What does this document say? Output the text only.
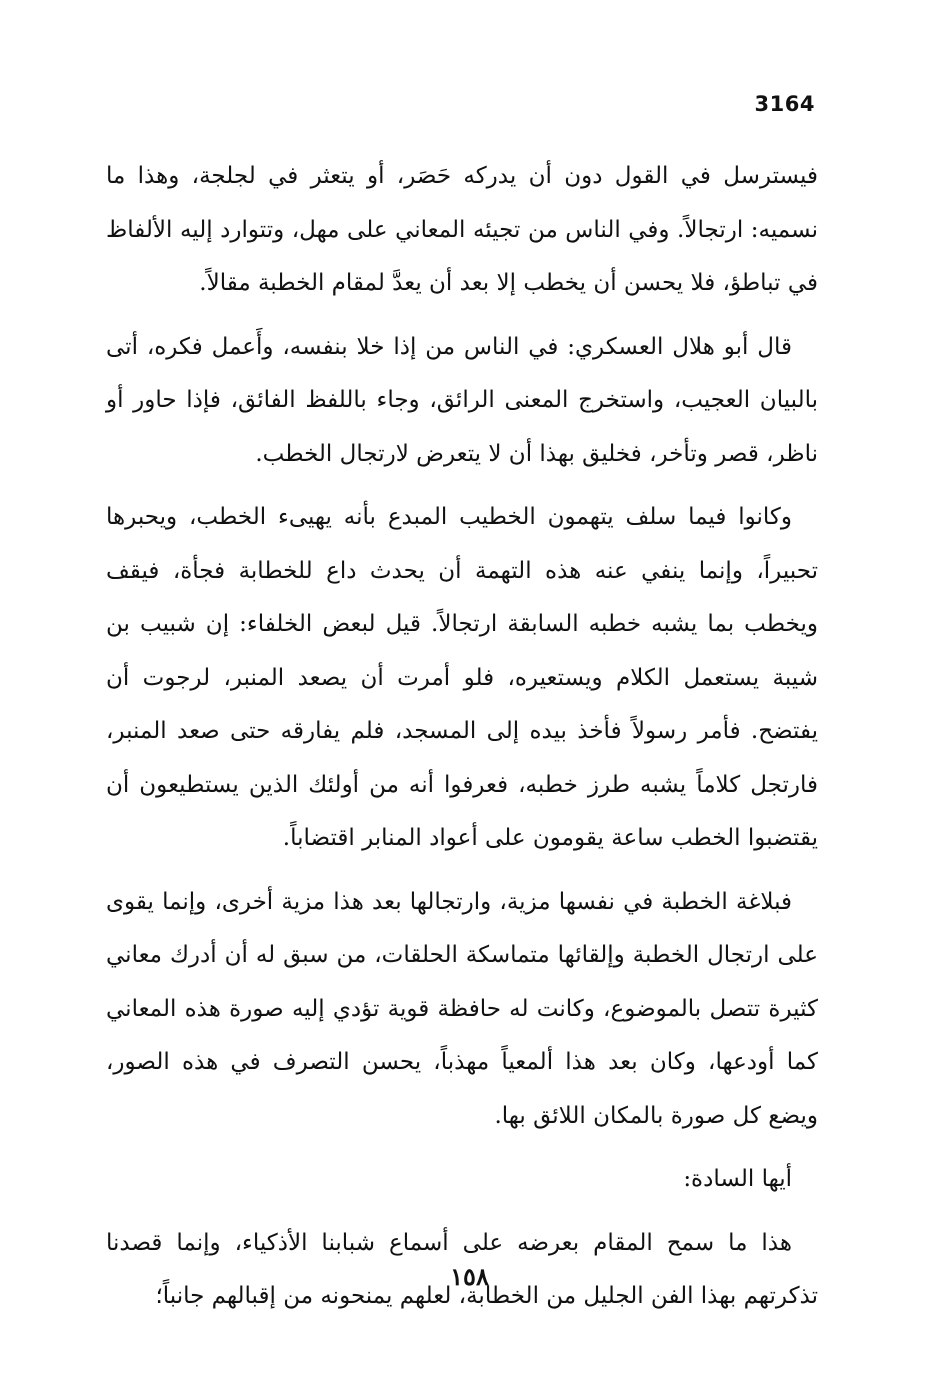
3164

فيسترسل في القول دون أن يدركه حَصَر، أو يتعثر في لجلجة، وهذا ما نسميه: ارتجالاً. وفي الناس من تجيئه المعاني على مهل، وتتوارد إليه الألفاظ في تباطؤ، فلا يحسن أن يخطب إلا بعد أن يعدَّ لمقام الخطبة مقالاً.

قال أبو هلال العسكري: في الناس من إذا خلا بنفسه، وأَعمل فكره، أتى بالبيان العجيب، واستخرج المعنى الرائق، وجاء باللفظ الفائق، فإذا حاور أو ناظر، قصر وتأخر، فخليق بهذا أن لا يتعرض لارتجال الخطب.

وكانوا فيما سلف يتهمون الخطيب المبدع بأنه يهيىء الخطب، ويحبرها تحبيراً، وإنما ينفي عنه هذه التهمة أن يحدث داع للخطابة فجأة، فيقف ويخطب بما يشبه خطبه السابقة ارتجالاً. قيل لبعض الخلفاء: إن شبيب بن شيبة يستعمل الكلام ويستعيره، فلو أمرت أن يصعد المنبر، لرجوت أن يفتضح. فأمر رسولاً فأخذ بيده إلى المسجد، فلم يفارقه حتى صعد المنبر، فارتجل كلاماً يشبه طرز خطبه، فعرفوا أنه من أولئك الذين يستطيعون أن يقتضبوا الخطب ساعة يقومون على أعواد المنابر اقتضاباً.

فبلاغة الخطبة في نفسها مزية، وارتجالها بعد هذا مزية أخرى، وإنما يقوى على ارتجال الخطبة وإلقائها متماسكة الحلقات، من سبق له أن أدرك معاني كثيرة تتصل بالموضوع، وكانت له حافظة قوية تؤدي إليه صورة هذه المعاني كما أودعها، وكان بعد هذا ألمعياً مهذباً، يحسن التصرف في هذه الصور، ويضع كل صورة بالمكان اللائق بها.

أيها السادة:

هذا ما سمح المقام بعرضه على أسماع شبابنا الأذكياء، وإنما قصدنا تذكرتهم بهذا الفن الجليل من الخطابة، لعلهم يمنحونه من إقبالهم جانباً؛

١٥٨
